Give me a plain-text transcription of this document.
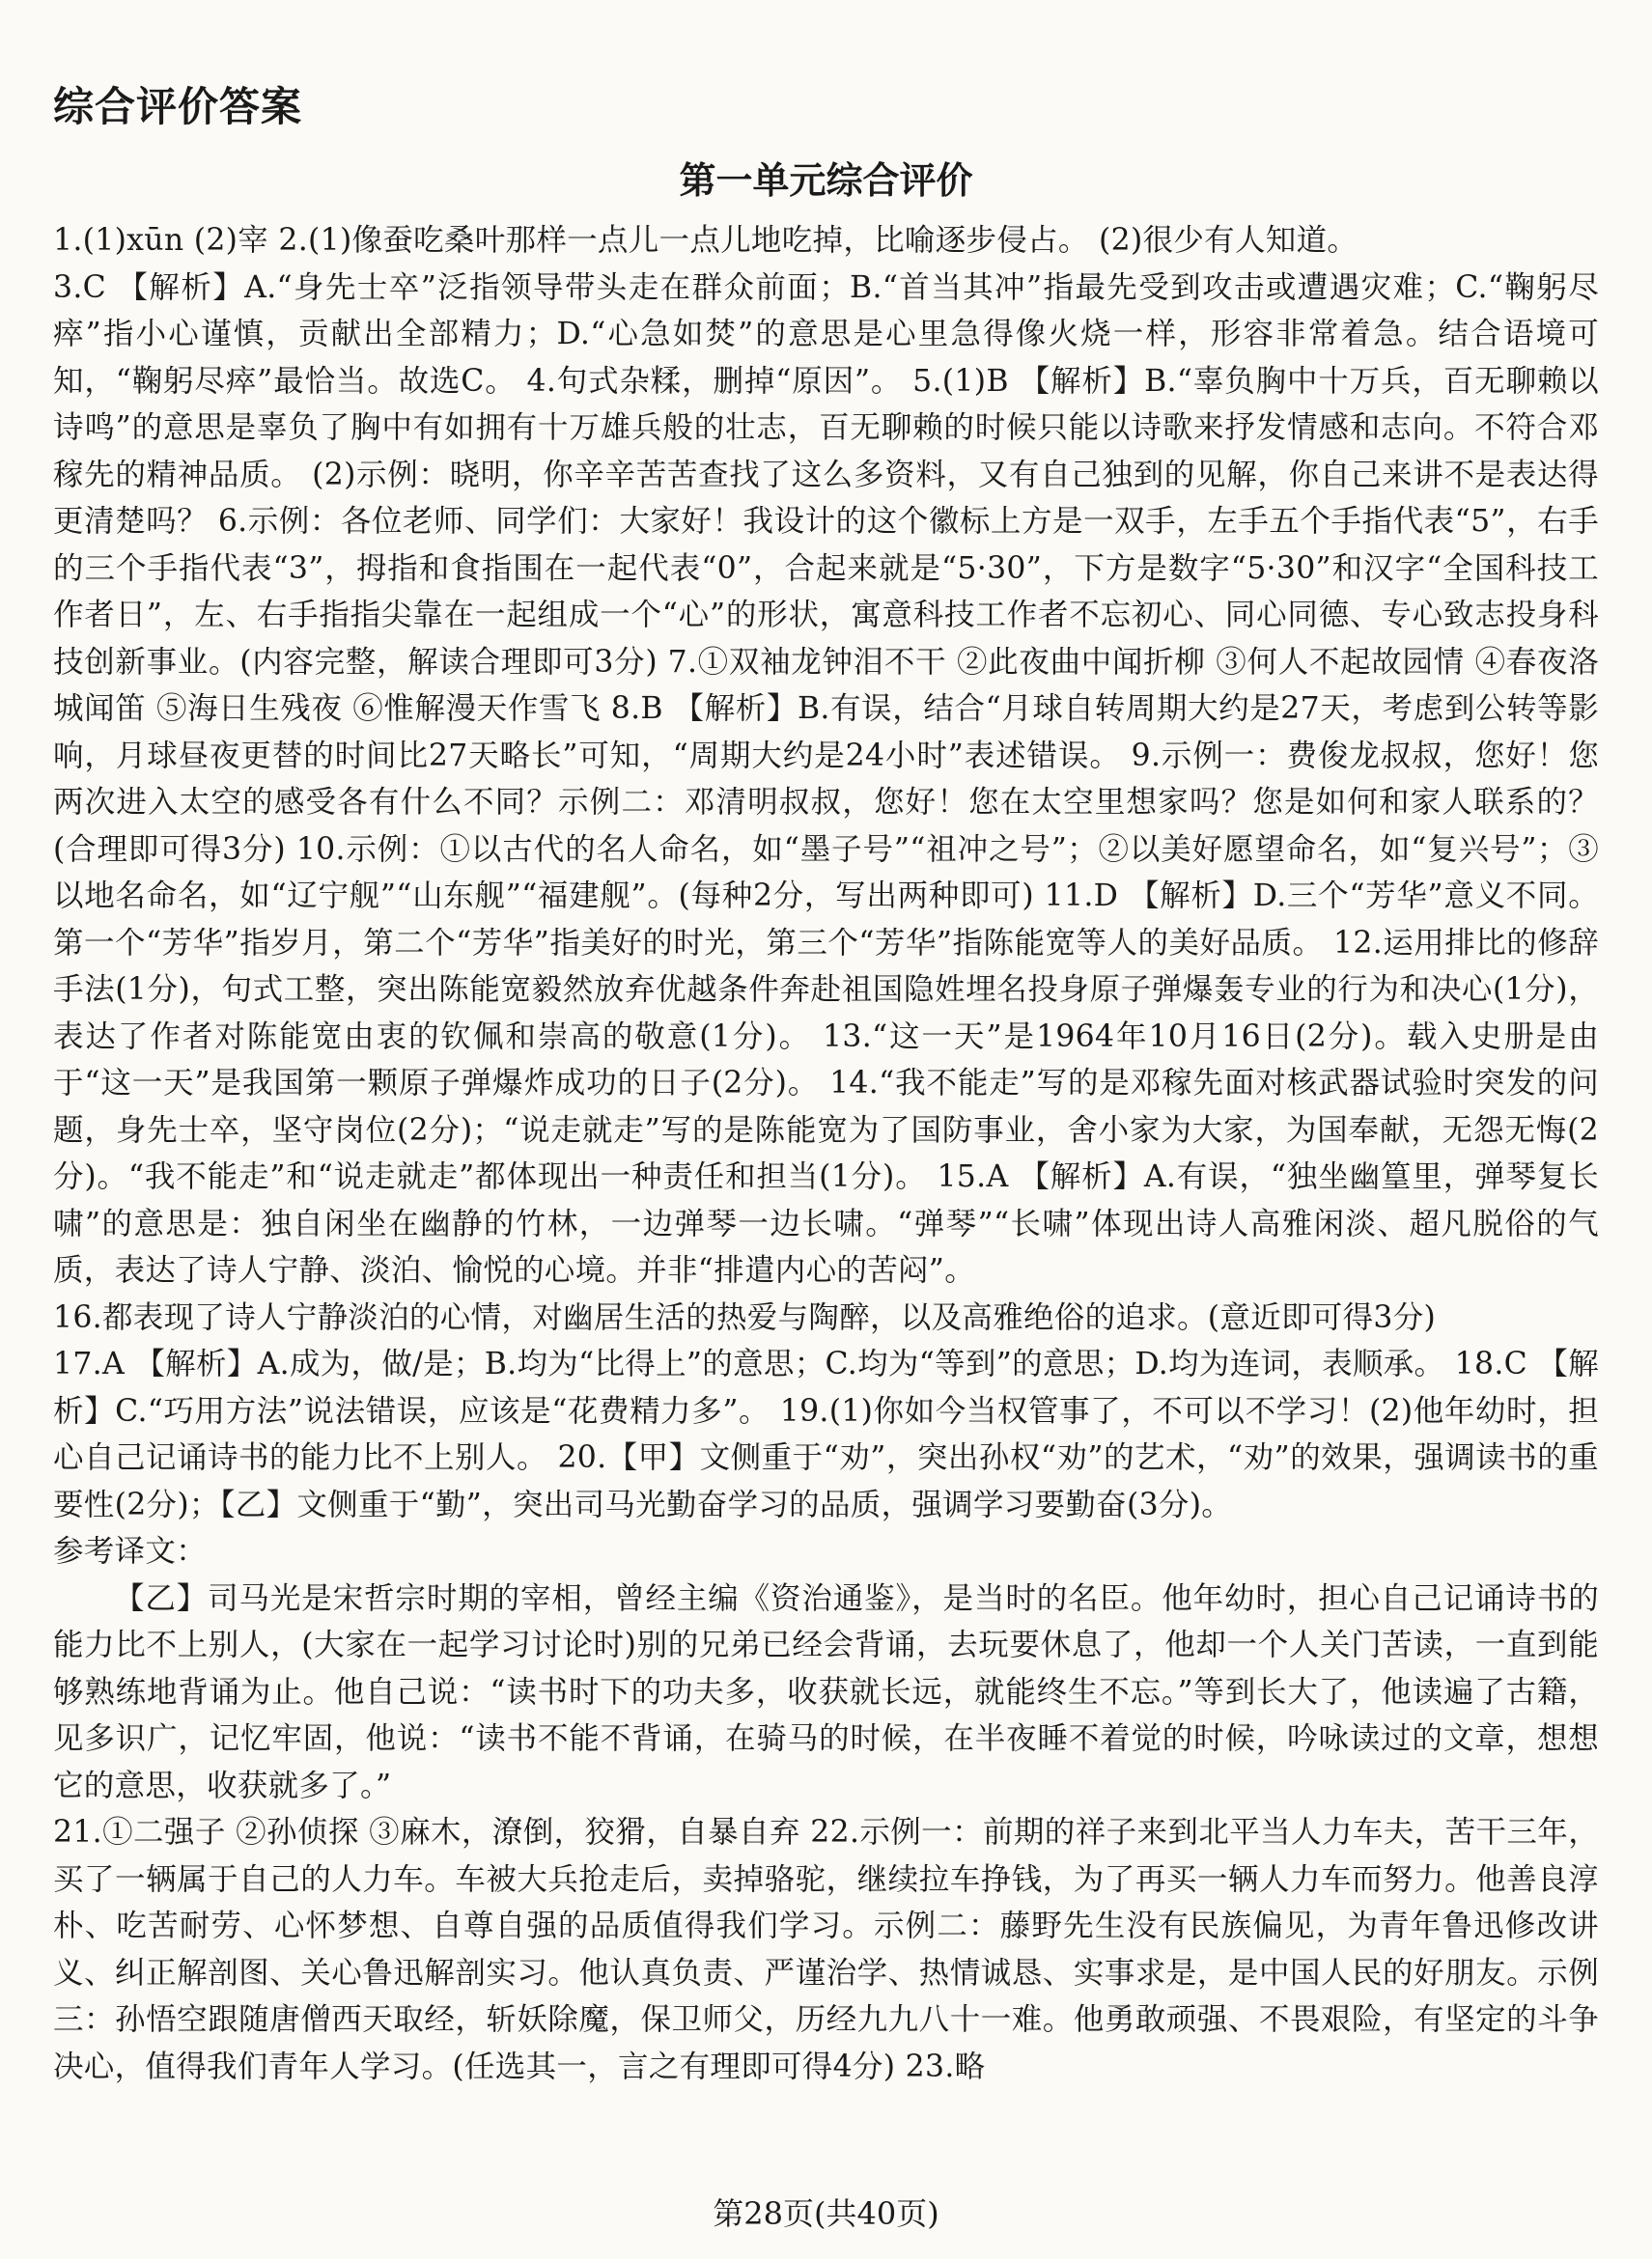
综合评价答案
第一单元综合评价

1.(1)xūn (2)宰 2.(1)像蚕吃桑叶那样一点儿一点儿地吃掉，比喻逐步侵占。 (2)很少有人知道。

3.C 【解析】A.“身先士卒”泛指领导带头走在群众前面；B.“首当其冲”指最先受到攻击或遭遇灾难；C.“鞠躬尽瘁”指小心谨慎，贡献出全部精力；D.“心急如焚”的意思是心里急得像火烧一样，形容非常着急。结合语境可知，“鞠躬尽瘁”最恰当。故选C。 4.句式杂糅，删掉“原因”。 5.(1)B 【解析】B.“辜负胸中十万兵，百无聊赖以诗鸣”的意思是辜负了胸中有如拥有十万雄兵般的壮志，百无聊赖的时候只能以诗歌来抒发情感和志向。不符合邓稼先的精神品质。 (2)示例：晓明，你辛辛苦苦查找了这么多资料，又有自己独到的见解，你自己来讲不是表达得更清楚吗？ 6.示例：各位老师、同学们：大家好！我设计的这个徽标上方是一双手，左手五个手指代表“5”，右手的三个手指代表“3”，拇指和食指围在一起代表“0”，合起来就是“5·30”，下方是数字“5·30”和汉字“全国科技工作者日”，左、右手指指尖靠在一起组成一个“心”的形状，寓意科技工作者不忘初心、同心同德、专心致志投身科技创新事业。(内容完整，解读合理即可3分) 7.①双袖龙钟泪不干 ②此夜曲中闻折柳 ③何人不起故园情 ④春夜洛城闻笛 ⑤海日生残夜 ⑥惟解漫天作雪飞 8.B 【解析】B.有误，结合“月球自转周期大约是27天，考虑到公转等影响，月球昼夜更替的时间比27天略长”可知，“周期大约是24小时”表述错误。 9.示例一：费俊龙叔叔，您好！您两次进入太空的感受各有什么不同？示例二：邓清明叔叔，您好！您在太空里想家吗？您是如何和家人联系的？(合理即可得3分) 10.示例：①以古代的名人命名，如“墨子号”“祖冲之号”；②以美好愿望命名，如“复兴号”；③以地名命名，如“辽宁舰”“山东舰”“福建舰”。(每种2分，写出两种即可) 11.D 【解析】D.三个“芳华”意义不同。第一个“芳华”指岁月，第二个“芳华”指美好的时光，第三个“芳华”指陈能宽等人的美好品质。 12.运用排比的修辞手法(1分)，句式工整，突出陈能宽毅然放弃优越条件奔赴祖国隐姓埋名投身原子弹爆轰专业的行为和决心(1分)，表达了作者对陈能宽由衷的钦佩和崇高的敬意(1分)。 13.“这一天”是1964年10月16日(2分)。载入史册是由于“这一天”是我国第一颗原子弹爆炸成功的日子(2分)。 14.“我不能走”写的是邓稼先面对核武器试验时突发的问题，身先士卒，坚守岗位(2分)；“说走就走”写的是陈能宽为了国防事业，舍小家为大家，为国奉献，无怨无悔(2分)。“我不能走”和“说走就走”都体现出一种责任和担当(1分)。 15.A 【解析】A.有误，“独坐幽篁里，弹琴复长啸”的意思是：独自闲坐在幽静的竹林，一边弹琴一边长啸。“弹琴”“长啸”体现出诗人高雅闲淡、超凡脱俗的气质，表达了诗人宁静、淡泊、愉悦的心境。并非“排遣内心的苦闷”。

16.都表现了诗人宁静淡泊的心情，对幽居生活的热爱与陶醉，以及高雅绝俗的追求。(意近即可得3分)

17.A 【解析】A.成为，做/是；B.均为“比得上”的意思；C.均为“等到”的意思；D.均为连词，表顺承。 18.C 【解析】C.“巧用方法”说法错误，应该是“花费精力多”。 19.(1)你如今当权管事了，不可以不学习！(2)他年幼时，担心自己记诵诗书的能力比不上别人。 20.【甲】文侧重于“劝”，突出孙权“劝”的艺术，“劝”的效果，强调读书的重要性(2分)；【乙】文侧重于“勤”，突出司马光勤奋学习的品质，强调学习要勤奋(3分)。

参考译文：

【乙】司马光是宋哲宗时期的宰相，曾经主编《资治通鉴》，是当时的名臣。他年幼时，担心自己记诵诗书的能力比不上别人，(大家在一起学习讨论时)别的兄弟已经会背诵，去玩要休息了，他却一个人关门苦读，一直到能够熟练地背诵为止。他自己说：“读书时下的功夫多，收获就长远，就能终生不忘。”等到长大了，他读遍了古籍，见多识广，记忆牢固，他说：“读书不能不背诵，在骑马的时候，在半夜睡不着觉的时候，吟咏读过的文章，想想它的意思，收获就多了。”

21.①二强子 ②孙侦探 ③麻木，潦倒，狡猾，自暴自弃 22.示例一：前期的祥子来到北平当人力车夫，苦干三年，买了一辆属于自己的人力车。车被大兵抢走后，卖掉骆驼，继续拉车挣钱，为了再买一辆人力车而努力。他善良淳朴、吃苦耐劳、心怀梦想、自尊自强的品质值得我们学习。示例二：藤野先生没有民族偏见，为青年鲁迅修改讲义、纠正解剖图、关心鲁迅解剖实习。他认真负责、严谨治学、热情诚恳、实事求是，是中国人民的好朋友。示例三：孙悟空跟随唐僧西天取经，斩妖除魔，保卫师父，历经九九八十一难。他勇敢顽强、不畏艰险，有坚定的斗争决心，值得我们青年人学习。(任选其一，言之有理即可得4分) 23.略

第28页(共40页)
